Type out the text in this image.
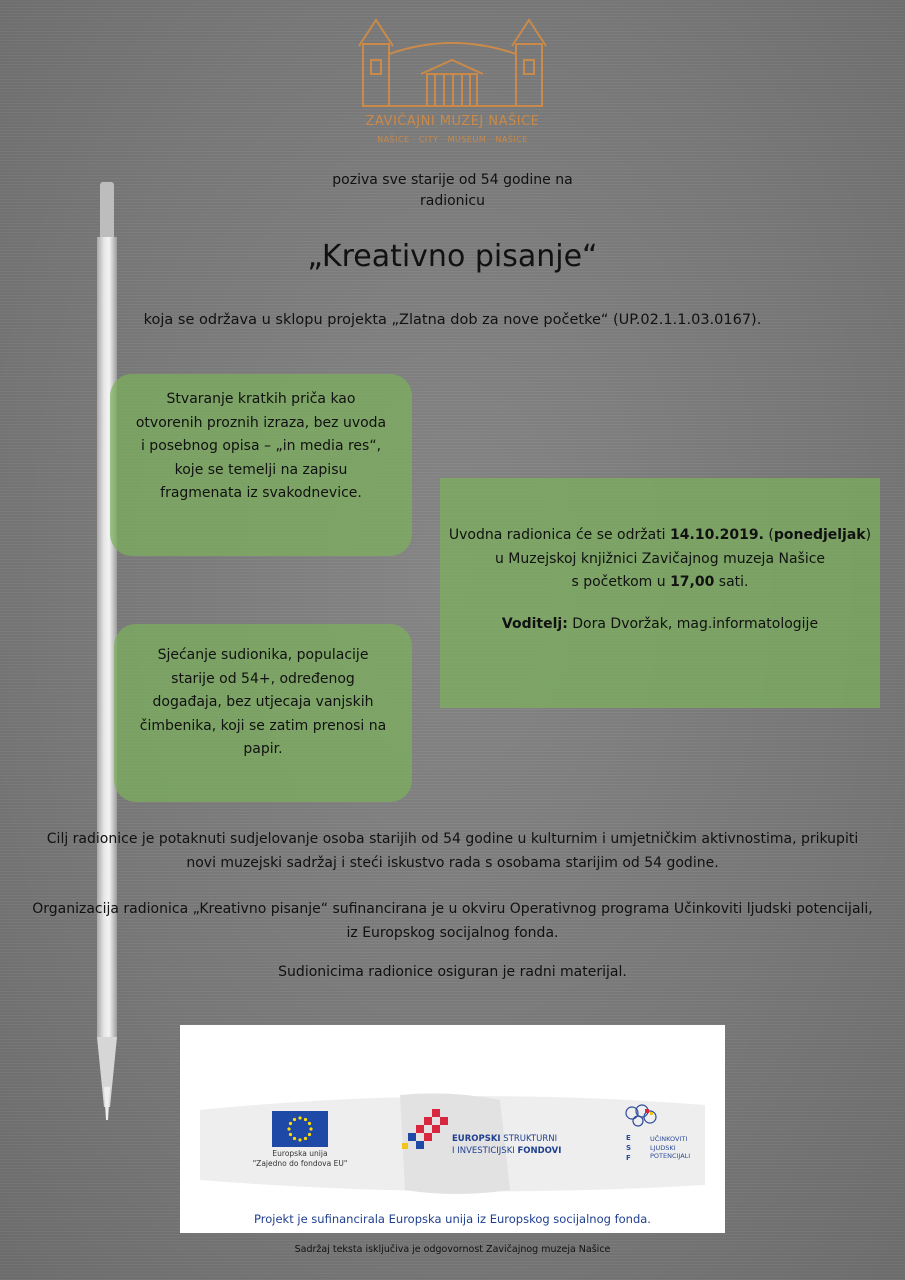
ZAVIČAJNI MUZEJ NAŠICE
NAŠICE · CITY · MUSEUM · NAŠICE
poziva sve starije od 54 godine na
radionicu
„Kreativno pisanje“
koja se održava u sklopu projekta „Zlatna dob za nove početke“ (UP.02.1.1.03.0167).
Stvaranje kratkih priča kao otvorenih proznih izraza, bez uvoda i posebnog opisa – „in media res“, koje se temelji na zapisu fragmenata iz svakodnevice.
Sjećanje sudionika, populacije starije od 54+, određenog događaja, bez utjecaja vanjskih čimbenika, koji se zatim prenosi na papir.

Uvodna radionica će se održati 14.10.2019. (ponedjeljak)

u Muzejskoj knjižnici Zavičajnog muzeja Našice

s početkom u 17,00 sati.

Voditelj: Dora Dvoržak, mag.informatologije

Cilj radionice je potaknuti sudjelovanje osoba starijih od 54 godine u kulturnim i umjetničkim aktivnostima, prikupiti novi muzejski sadržaj i steći iskustvo rada s osobama starijim od 54 godine.
Organizacija radionica „Kreativno pisanje“ sufinancirana je u okviru Operativnog programa Učinkoviti ljudski potencijali, iz Europskog socijalnog fonda.
Sudionicima radionice osiguran je radni materijal.
Europska unija
"Zajedno do fondova EU"
EUROPSKI STRUKTURNI
I INVESTICIJSKI FONDOVI
E
S
F
UČINKOVITI
LJUDSKI
POTENCIJALI
Projekt je sufinancirala Europska unija iz Europskog socijalnog fonda.
Sadržaj teksta isključiva je odgovornost Zavičajnog muzeja Našice
